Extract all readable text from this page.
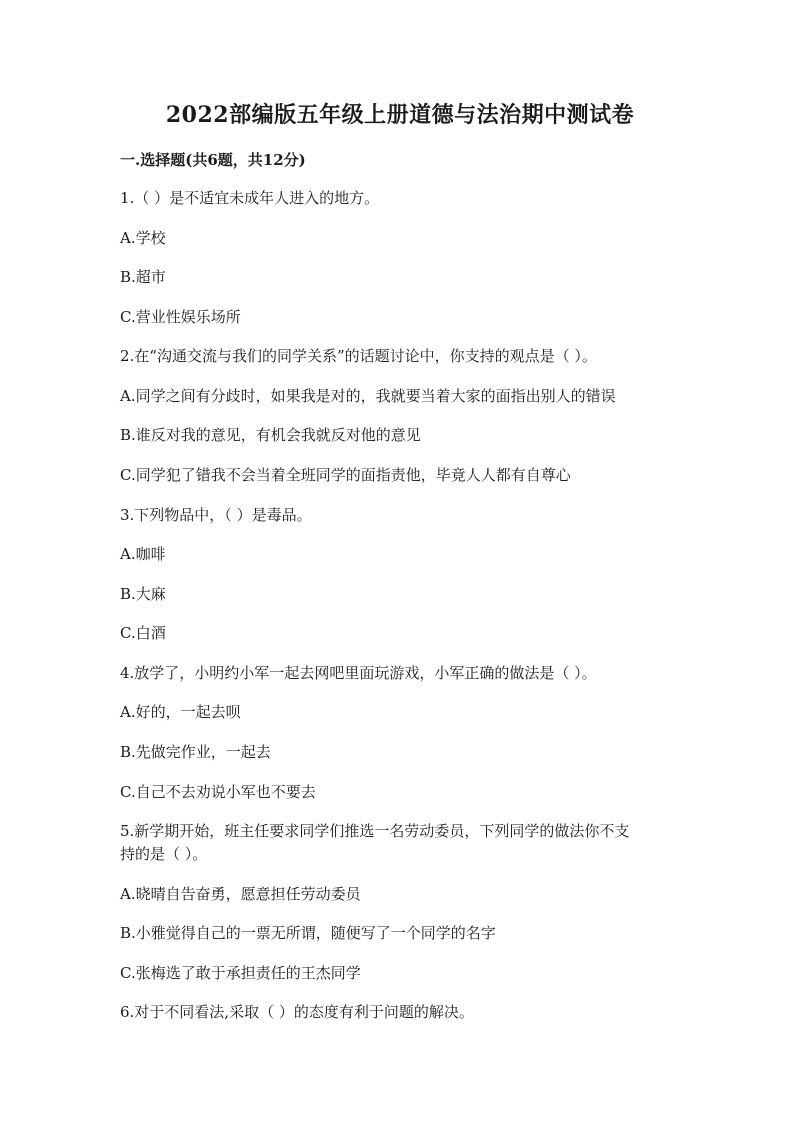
2022部编版五年级上册道德与法治期中测试卷
一.选择题(共6题，共12分)
1.（ ）是不适宜未成年人进入的地方。
A.学校
B.超市
C.营业性娱乐场所
2.在“沟通交流与我们的同学关系”的话题讨论中，你支持的观点是（ ）。
A.同学之间有分歧时，如果我是对的，我就要当着大家的面指出别人的错误
B.谁反对我的意见，有机会我就反对他的意见
C.同学犯了错我不会当着全班同学的面指责他，毕竟人人都有自尊心
3.下列物品中，（ ）是毒品。
A.咖啡
B.大麻
C.白酒
4.放学了，小明约小军一起去网吧里面玩游戏，小军正确的做法是（ ）。
A.好的，一起去呗
B.先做完作业，一起去
C.自己不去劝说小军也不要去
5.新学期开始，班主任要求同学们推选一名劳动委员，下列同学的做法你不支
持的是（ ）。
A.晓晴自告奋勇，愿意担任劳动委员
B.小雅觉得自己的一票无所谓，随便写了一个同学的名字
C.张梅选了敢于承担责任的王杰同学
6.对于不同看法,采取（ ）的态度有利于问题的解决。
